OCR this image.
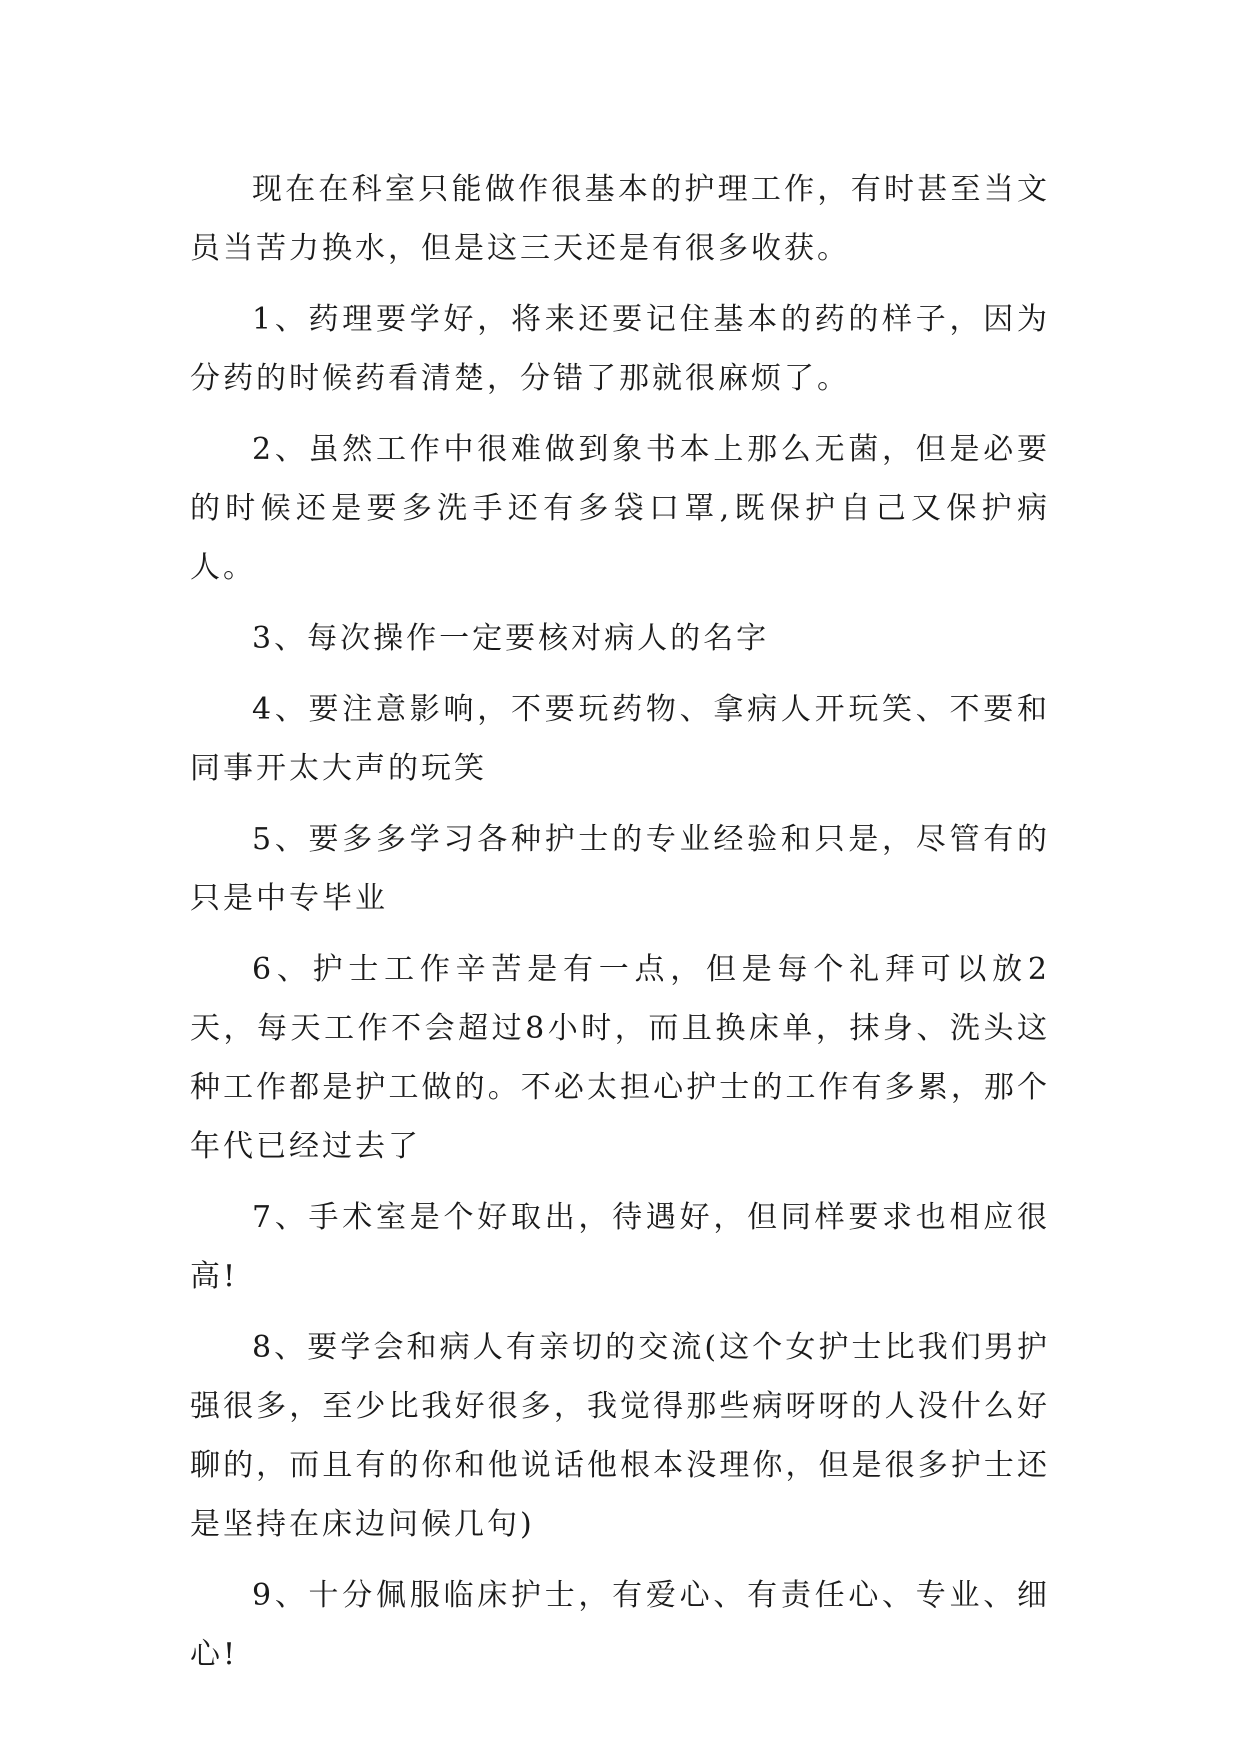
现在在科室只能做作很基本的护理工作，有时甚至当文员当苦力换水，但是这三天还是有很多收获。

1、药理要学好，将来还要记住基本的药的样子，因为分药的时候药看清楚，分错了那就很麻烦了。

2、虽然工作中很难做到象书本上那么无菌，但是必要的时候还是要多洗手还有多袋口罩,既保护自己又保护病人。

3、每次操作一定要核对病人的名字

4、要注意影响，不要玩药物、拿病人开玩笑、不要和同事开太大声的玩笑

5、要多多学习各种护士的专业经验和只是，尽管有的只是中专毕业

6、护士工作辛苦是有一点，但是每个礼拜可以放2天，每天工作不会超过8小时，而且换床单，抹身、洗头这种工作都是护工做的。不必太担心护士的工作有多累，那个年代已经过去了

7、手术室是个好取出，待遇好，但同样要求也相应很高!

8、要学会和病人有亲切的交流(这个女护士比我们男护强很多，至少比我好很多，我觉得那些病呀呀的人没什么好聊的，而且有的你和他说话他根本没理你，但是很多护士还是坚持在床边问候几句)

9、十分佩服临床护士，有爱心、有责任心、专业、细心!
